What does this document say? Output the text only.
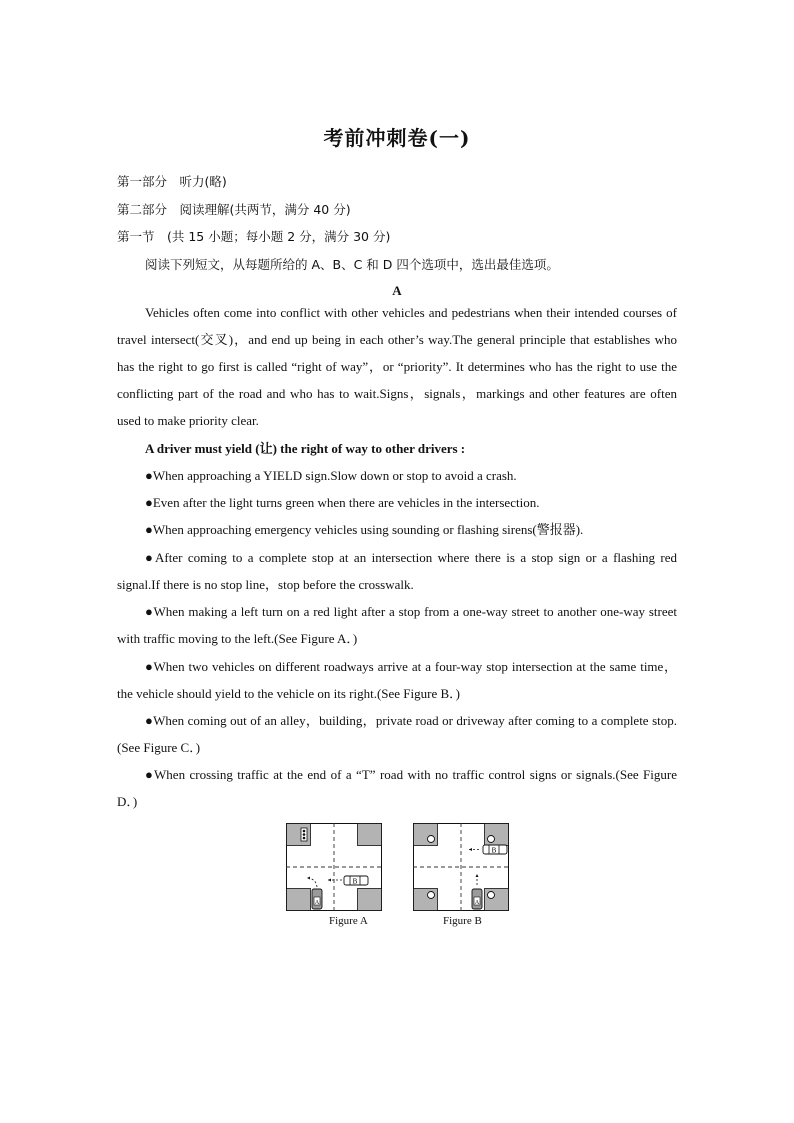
考前冲刺卷(一)
第一部分　听力(略)
第二部分　阅读理解(共两节，满分 40 分)
第一节　(共 15 小题；每小题 2 分，满分 30 分)
阅读下列短文，从每题所给的 A、B、C 和 D 四个选项中，选出最佳选项。
A
Vehicles often come into conflict with other vehicles and pedestrians when their intended courses of travel intersect(交叉)，and end up being in each other’s way.The general principle that establishes who has the right to go first is called “right of way”，or “priority”. It determines who has the right to use the conflicting part of the road and who has to wait.Signs，signals，markings and other features are often used to make priority clear.
A driver must yield (让) the right of way to other drivers :
●When approaching a YIELD sign.Slow down or stop to avoid a crash.
●Even after the light turns green when there are vehicles in the intersection.
●When approaching emergency vehicles using sounding or flashing sirens(警报器).
●After coming to a complete stop at an intersection where there is a stop sign or a flashing red signal.If there is no stop line，stop before the crosswalk.
●When making a left turn on a red light after a stop from a one-way street to another one-way street with traffic moving to the left.(See Figure A．)
●When two vehicles on different roadways arrive at a four-way stop intersection at the same time，the vehicle should yield to the vehicle on its right.(See Figure B．)
●When coming out of an alley，building，private road or driveway after coming to a complete stop.(See Figure C．)
●When crossing traffic at the end of a “T” road with no traffic control signs or signals.(See Figure D．)
B
A
Figure A
B
A
Figure B
